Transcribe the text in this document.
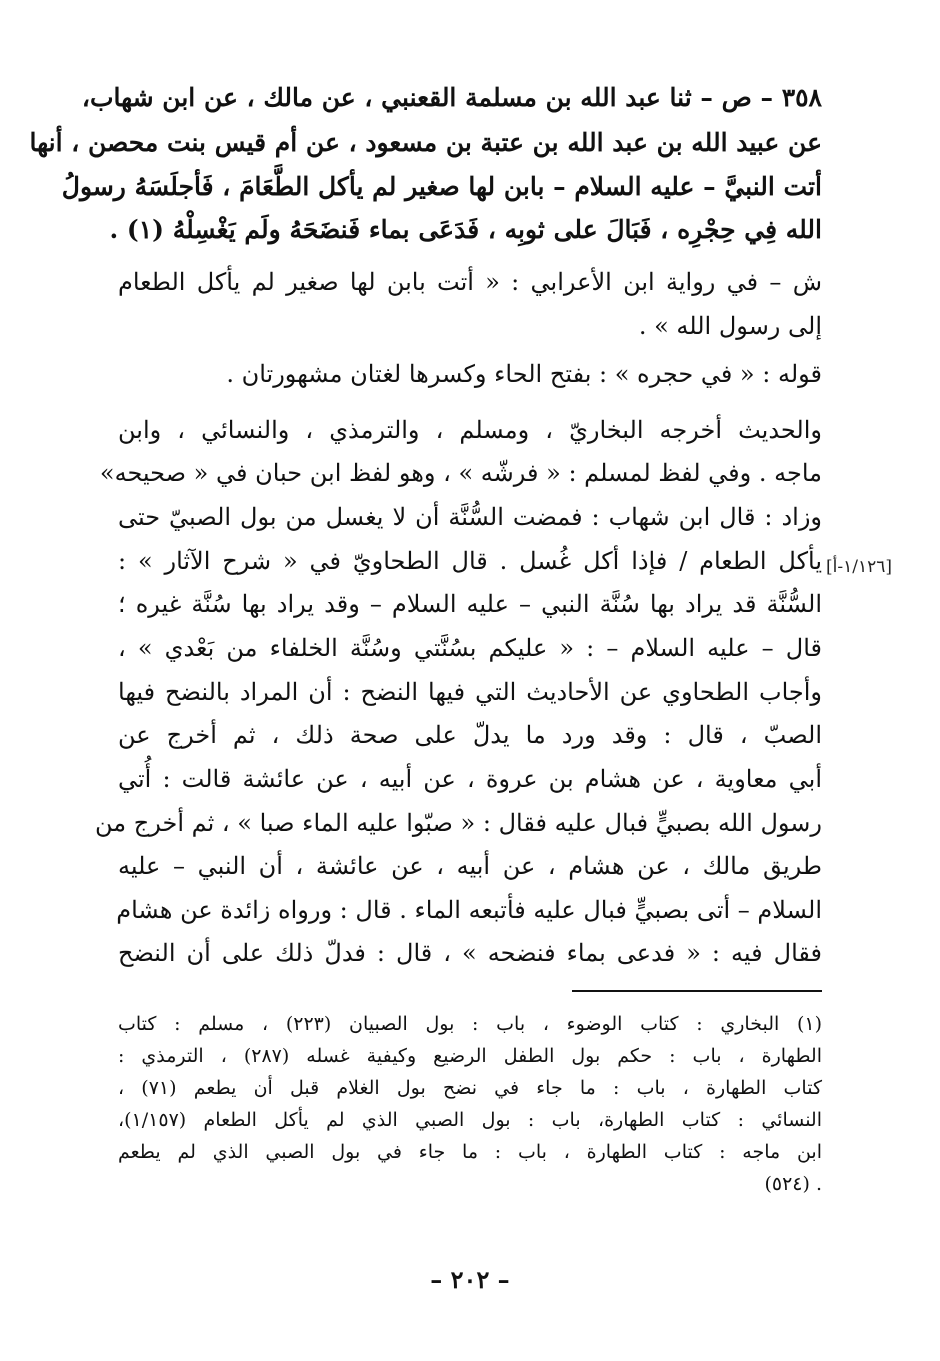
٣٥٨ – ص – ثنا عبد الله بن مسلمة القعنبي ، عن مالك ، عن ابن شهاب،
عن عبيد الله بن عبد الله بن عتبة بن مسعود ، عن أم قيس بنت محصن ، أنها
أتت النبيَّ – عليه السلام – بابن لها صغير لم يأكل الطَّعَامَ ، فَأجلَسَهُ رسولُ
الله فِي حِجْرِه ، فَبَالَ على ثوبِه ، فَدَعَى بماء فَنضَحَهُ ولَم يَغْسِلْهُ (١) .
ش – في رواية ابن الأعرابي : « أتت بابن لها صغير لم يأكل الطعام
إلى رسول الله » .
قوله : « في حجره » : بفتح الحاء وكسرها لغتان مشهورتان .
والحديث أخرجه البخاريّ ، ومسلم ، والترمذي ، والنسائي ، وابن
ماجه . وفي لفظ لمسلم : « فرشّه » ، وهو لفظ ابن حبان في « صحيحه»
وزاد : قال ابن شهاب : فمضت السُّنَّة أن لا يغسل من بول الصبيّ حتى
يأكل الطعام / فإذا أكل غُسل . قال الطحاويّ في « شرح الآثار » :
السُّنَّة قد يراد بها سُنَّة النبي – عليه السلام – وقد يراد بها سُنَّة غيره ؛
قال – عليه السلام – : « عليكم بسُنَّتي وسُنَّة الخلفاء من بَعْدي » ،
وأجاب الطحاوي عن الأحاديث التي فيها النضح : أن المراد بالنضح فيها
الصبّ ، قال : وقد ورد ما يدلّ على صحة ذلك ، ثم أخرج عن
أبي معاوية ، عن هشام بن عروة ، عن أبيه ، عن عائشة قالت : أُتي
رسول الله بصبيٍّ فبال عليه فقال : « صبّوا عليه الماء صبا » ، ثم أخرج من
طريق مالك ، عن هشام ، عن أبيه ، عن عائشة ، أن النبي – عليه
السلام – أتى بصبيٍّ فبال عليه فأتبعه الماء . قال : ورواه زائدة عن هشام
فقال فيه : « فدعى بماء فنضحه » ، قال : فدلّ ذلك على أن النضح
[١/١٢٦-أ]
(١) البخاري : كتاب الوضوء ، باب : بول الصبيان (٢٢٣) ، مسلم : كتاب
الطهارة ، باب : حكم بول الطفل الرضيع وكيفية غسله (٢٨٧) ، الترمذي :
كتاب الطهارة ، باب : ما جاء في نضح بول الغلام قبل أن يطعم (٧١) ،
النسائي : كتاب الطهارة، باب : بول الصبي الذي لم يأكل الطعام (١/١٥٧)،
ابن ماجه : كتاب الطهارة ، باب : ما جاء في بول الصبي الذي لم يطعم
. (٥٢٤)
– ٢٠٢ –
